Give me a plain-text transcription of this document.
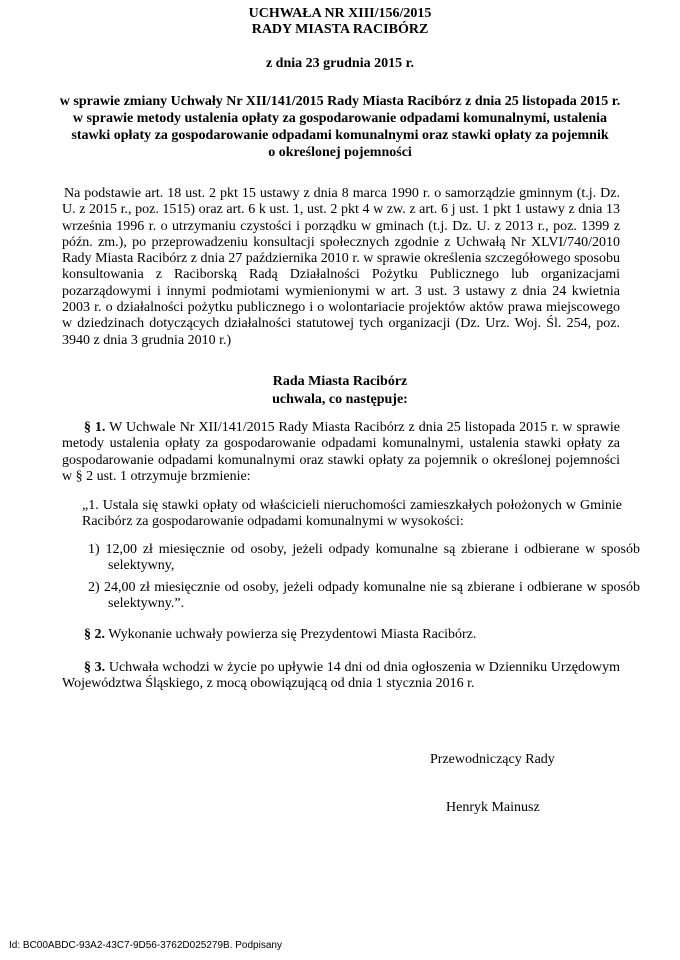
UCHWAŁA NR XIII/156/2015
RADY MIASTA RACIBÓRZ
z dnia 23 grudnia 2015 r.
w sprawie zmiany Uchwały Nr XII/141/2015 Rady Miasta Racibórz z dnia 25 listopada 2015 r.
w sprawie metody ustalenia opłaty za gospodarowanie odpadami komunalnymi, ustalenia
stawki opłaty za gospodarowanie odpadami komunalnymi oraz stawki opłaty za pojemnik
o określonej pojemności
Na podstawie art. 18 ust. 2 pkt 15 ustawy z dnia 8 marca 1990 r. o samorządzie gminnym (t.j. Dz. U. z 2015 r., poz. 1515) oraz art. 6 k ust. 1, ust. 2 pkt 4 w zw. z art. 6 j ust. 1 pkt 1 ustawy z dnia 13 września 1996 r. o utrzymaniu czystości i porządku w gminach (t.j. Dz. U. z 2013 r., poz. 1399 z późn. zm.), po przeprowadzeniu konsultacji społecznych zgodnie z Uchwałą Nr XLVI/740/2010 Rady Miasta Racibórz z dnia 27 października 2010 r. w sprawie określenia szczegółowego sposobu konsultowania z Raciborską Radą Działalności Pożytku Publicznego lub organizacjami pozarządowymi i innymi podmiotami wymienionymi w art. 3 ust. 3 ustawy z dnia 24 kwietnia 2003 r. o działalności pożytku publicznego i o wolontariacie projektów aktów prawa miejscowego w dziedzinach dotyczących działalności statutowej tych organizacji (Dz. Urz. Woj. Śl. 254, poz. 3940 z dnia 3 grudnia 2010 r.)
Rada Miasta Racibórz
uchwala, co następuje:
§ 1. W Uchwale Nr XII/141/2015 Rady Miasta Racibórz z dnia 25 listopada 2015 r. w sprawie metody ustalenia opłaty za gospodarowanie odpadami komunalnymi, ustalenia stawki opłaty za gospodarowanie odpadami komunalnymi oraz stawki opłaty za pojemnik o określonej pojemności w § 2 ust. 1 otrzymuje brzmienie:
„1. Ustala się stawki opłaty od właścicieli nieruchomości zamieszkałych położonych w Gminie Racibórz za gospodarowanie odpadami komunalnymi w wysokości:
1) 12,00 zł miesięcznie od osoby, jeżeli odpady komunalne są zbierane i odbierane w sposób selektywny,
2) 24,00 zł miesięcznie od osoby, jeżeli odpady komunalne nie są zbierane i odbierane w sposób selektywny.”.
§ 2. Wykonanie uchwały powierza się Prezydentowi Miasta Racibórz.
§ 3. Uchwała wchodzi w życie po upływie 14 dni od dnia ogłoszenia w Dzienniku Urzędowym Województwa Śląskiego, z mocą obowiązującą od dnia 1 stycznia 2016 r.
Przewodniczący Rady
Henryk Mainusz
Id: BC00ABDC-93A2-43C7-9D56-3762D025279B. Podpisany
